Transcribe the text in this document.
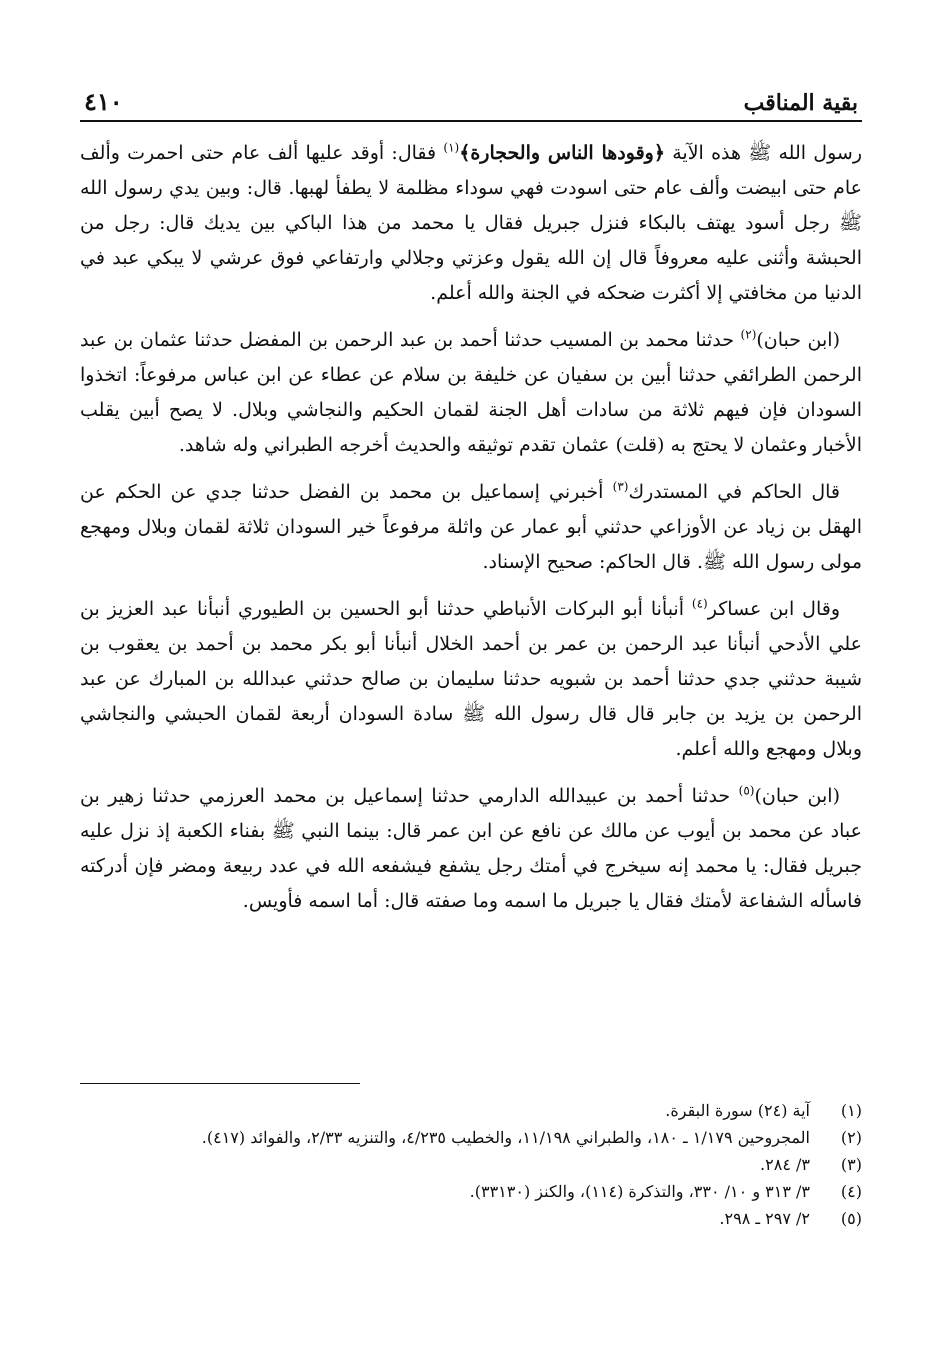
بقية المناقب
٤١٠

رسول الله ﷺ هذه الآية ﴿وقودها الناس والحجارة﴾$^{(١)}$ فقال: أوقد عليها ألف عام حتى احمرت وألف عام حتى ابيضت وألف عام حتى اسودت فهي سوداء مظلمة لا يطفأ لهبها. قال: وبين يدي رسول الله ﷺ رجل أسود يهتف بالبكاء فنزل جبريل فقال يا محمد من هذا الباكي بين يديك قال: رجل من الحبشة وأثنى عليه معروفاً قال إن الله يقول وعزتي وجلالي وارتفاعي فوق عرشي لا يبكي عبد في الدنيا من مخافتي إلا أكثرت ضحكه في الجنة والله أعلم.

(ابن حبان)$^{(٢)}$ حدثنا محمد بن المسيب حدثنا أحمد بن عبد الرحمن بن المفضل حدثنا عثمان بن عبد الرحمن الطرائفي حدثنا أبين بن سفيان عن خليفة بن سلام عن عطاء عن ابن عباس مرفوعاً: اتخذوا السودان فإن فيهم ثلاثة من سادات أهل الجنة لقمان الحكيم والنجاشي وبلال. لا يصح أبين يقلب الأخبار وعثمان لا يحتج به (قلت) عثمان تقدم توثيقه والحديث أخرجه الطبراني وله شاهد.

قال الحاكم في المستدرك$^{(٣)}$ أخبرني إسماعيل بن محمد بن الفضل حدثنا جدي عن الحكم عن الهقل بن زياد عن الأوزاعي حدثني أبو عمار عن واثلة مرفوعاً خير السودان ثلاثة لقمان وبلال ومهجع مولى رسول الله ﷺ. قال الحاكم: صحيح الإسناد.

وقال ابن عساكر$^{(٤)}$ أنبأنا أبو البركات الأنباطي حدثنا أبو الحسين بن الطيوري أنبأنا عبد العزيز بن علي الأدحي أنبأنا عبد الرحمن بن عمر بن أحمد الخلال أنبأنا أبو بكر محمد بن أحمد بن يعقوب بن شيبة حدثني جدي حدثنا أحمد بن شبويه حدثنا سليمان بن صالح حدثني عبدالله بن المبارك عن عبد الرحمن بن يزيد بن جابر قال قال رسول الله ﷺ سادة السودان أربعة لقمان الحبشي والنجاشي وبلال ومهجع والله أعلم.

(ابن حبان)$^{(٥)}$ حدثنا أحمد بن عبيدالله الدارمي حدثنا إسماعيل بن محمد العرزمي حدثنا زهير بن عباد عن محمد بن أيوب عن مالك عن نافع عن ابن عمر قال: بينما النبي ﷺ بفناء الكعبة إذ نزل عليه جبريل فقال: يا محمد إنه سيخرج في أمتك رجل يشفع فيشفعه الله في عدد ربيعة ومضر فإن أدركته فاسأله الشفاعة لأمتك فقال يا جبريل ما اسمه وما صفته قال: أما اسمه فأويس.

(١)
آية (٢٤) سورة البقرة.
(٢)
المجروحين ١/١٧٩ ـ ١٨٠، والطبراني ١١/١٩٨، والخطيب ٤/٢٣٥، والتنزيه ٢/٣٣، والفوائد (٤١٧).
(٣)
٣/ ٢٨٤.
(٤)
٣/ ٣١٣ و ١٠/ ٣٣٠، والتذكرة (١١٤)، والكنز (٣٣١٣٠).
(٥)
٢/ ٢٩٧ ـ ٢٩٨.
